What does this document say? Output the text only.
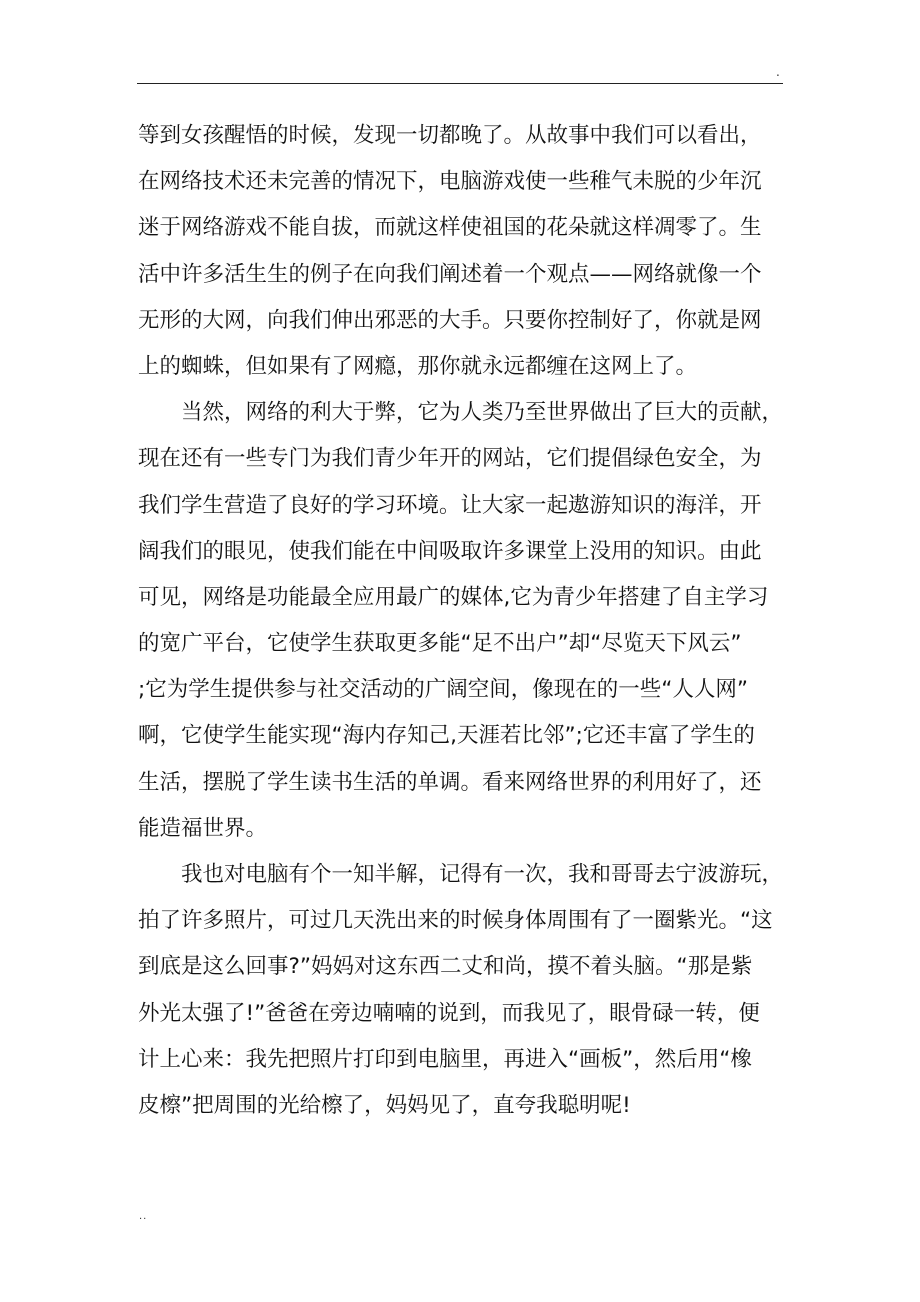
.
等到女孩醒悟的时候，发现一切都晚了。从故事中我们可以看出，
在网络技术还未完善的情况下，电脑游戏使一些稚气未脱的少年沉
迷于网络游戏不能自拔，而就这样使祖国的花朵就这样凋零了。生
活中许多活生生的例子在向我们阐述着一个观点——网络就像一个
无形的大网，向我们伸出邪恶的大手。只要你控制好了，你就是网
上的蜘蛛，但如果有了网瘾，那你就永远都缠在这网上了。
　　当然，网络的利大于弊，它为人类乃至世界做出了巨大的贡献，
现在还有一些专门为我们青少年开的网站，它们提倡绿色安全，为
我们学生营造了良好的学习环境。让大家一起遨游知识的海洋，开
阔我们的眼见，使我们能在中间吸取许多课堂上没用的知识。由此
可见，网络是功能最全应用最广的媒体,它为青少年搭建了自主学习
的宽广平台，它使学生获取更多能“足不出户”却“尽览天下风云”
;它为学生提供参与社交活动的广阔空间，像现在的一些“人人网”
啊，它使学生能实现“海内存知己,天涯若比邻”;它还丰富了学生的
生活，摆脱了学生读书生活的单调。看来网络世界的利用好了，还
能造福世界。
　　我也对电脑有个一知半解，记得有一次，我和哥哥去宁波游玩，
拍了许多照片，可过几天洗出来的时候身体周围有了一圈紫光。“这
到底是这么回事?”妈妈对这东西二丈和尚，摸不着头脑。“那是紫
外光太强了!”爸爸在旁边喃喃的说到，而我见了，眼骨碌一转，便
计上心来：我先把照片打印到电脑里，再进入“画板”，然后用“橡
皮檫”把周围的光给檫了，妈妈见了，直夸我聪明呢!
..
